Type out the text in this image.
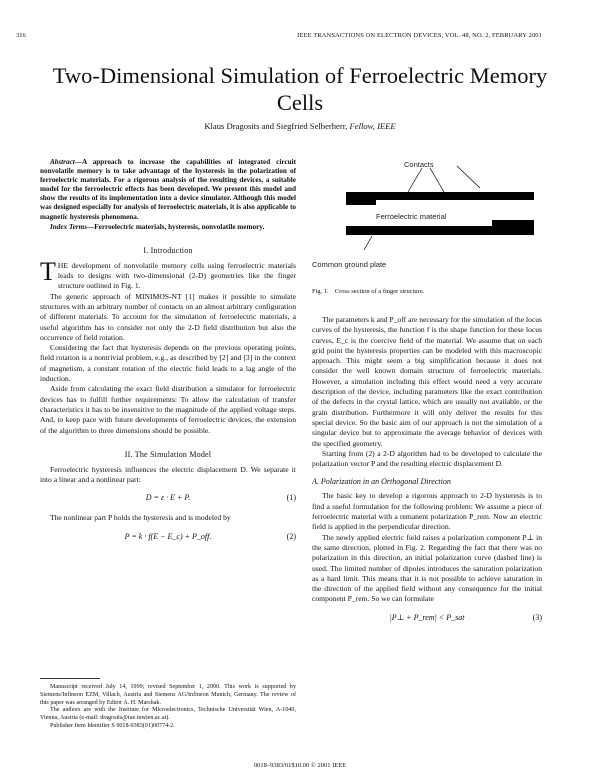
316	IEEE TRANSACTIONS ON ELECTRON DEVICES, VOL. 48, NO. 2, FEBRUARY 2001
Two-Dimensional Simulation of Ferroelectric Memory Cells
Klaus Dragosits and Siegfried Selberherr, Fellow, IEEE

Abstract—A approach to increase the capabilities of integrated circuit nonvolatile memory is to take advantage of the hysteresis in the polarization of ferroelectric materials. For a rigorous analysis of the resulting devices, a suitable model for the ferroelectric effects has been developed. We present this model and show the results of its implementation into a device simulator. Although this model was designed especially for analysis of ferroelectric materials, it is also applicable to magnetic hysteresis phenomena.

Index Terms—Ferroelectric materials, hysteresis, nonvolatile memory.

I. Introduction

THE development of nonvolatile memory cells using ferroelectric materials leads to designs with two-dimensional (2-D) geometries like the finger structure outlined in Fig. 1.

The generic approach of MINIMOS-NT [1] makes it possible to simulate structures with an arbitrary number of contacts on an almost arbitrary configuration of different materials. To account for the simulation of ferroelectric materials, a useful algorithm has to consider not only the 2-D field distribution but also the occurrence of field rotation.

Considering the fact that hysteresis depends on the previous operating points, field rotation is a nontrivial problem, e.g., as described by [2] and [3] in the context of magnetism, a constant rotation of the electric field leads to a lag angle of the induction.

Aside from calculating the exact field distribution a simulator for ferroelectric devices has to fulfill further requirements: To allow the calculation of transfer characteristics it has to be insensitive to the magnitude of the applied voltage steps. And, to keep pace with future developments of ferroelectric devices, the extension of the algorithm to three dimensions should be possible.

II. The Simulation Model

Ferroelectric hysteresis influences the electric displacement D. We separate it into a linear and a nonlinear part:

D = ε · E + P.	(1)

The nonlinear part P holds the hysteresis and is modeled by

P = k · f(E − E_c) + P_off.	(2)

Manuscript received July 14, 1999; revised September 1, 2000. This work is supported by Siemens/Infineon EZM, Villach, Austria and Siemens AG/Infineon Munich, Germany. The review of this paper was arranged by Editor A. H. Marshak.

The authors are with the Institute for Microelectronics, Technische Universität Wien, A-1040, Vienna, Austria (e-mail: dragosits@iue.tuwien.ac.at).

Publisher Item Identifier S 0018-9383(01)00774-2.

Contacts
Ferroelectric material
Common ground plate
Fig. 1. Cross section of a finger structure.

The parameters k and P_off are necessary for the simulation of the locus curves of the hysteresis, the function f is the shape function for these locus curves, E_c is the coercive field of the material. We assume that on each grid point the hysteresis properties can be modeled with this macroscopic approach. This might seem a big simplification because it does not consider the well known domain structure of ferroelectric materials. However, a simulation including this effect would need a very accurate description of the device, including parameters like the exact contribution of the defects in the crystal lattice, which are usually not available, or the grain distribution. Furthermore it will only deliver the results for this special device. So the basic aim of our approach is not the simulation of a singular device but to approximate the average behavior of devices with the specified geometry.

Starting from (2) a 2-D algorithm had to be developed to calculate the polarization vector P and the resulting electric displacement D.

A. Polarization in an Orthogonal Direction

The basic key to develop a rigorous approach to 2-D hysteresis is to find a useful formulation for the following problem: We assume a piece of ferroelectric material with a remanent polarization P_rem. Now an electric field is applied in the perpendicular direction.

The newly applied electric field raises a polarization component P⊥ in the same direction, plotted in Fig. 2. Regarding the fact that there was no polarization in this direction, an initial polarization curve (dashed line) is used. The limited number of dipoles introduces the saturation polarization as a hard limit. This means that it is not possible to achieve saturation in the direction of the applied field without any consequence for the initial component P_rem. So we can formulate

|P⊥ + P_rem| < P_sat	(3)
0018–9383/01$10.00 © 2001 IEEE
